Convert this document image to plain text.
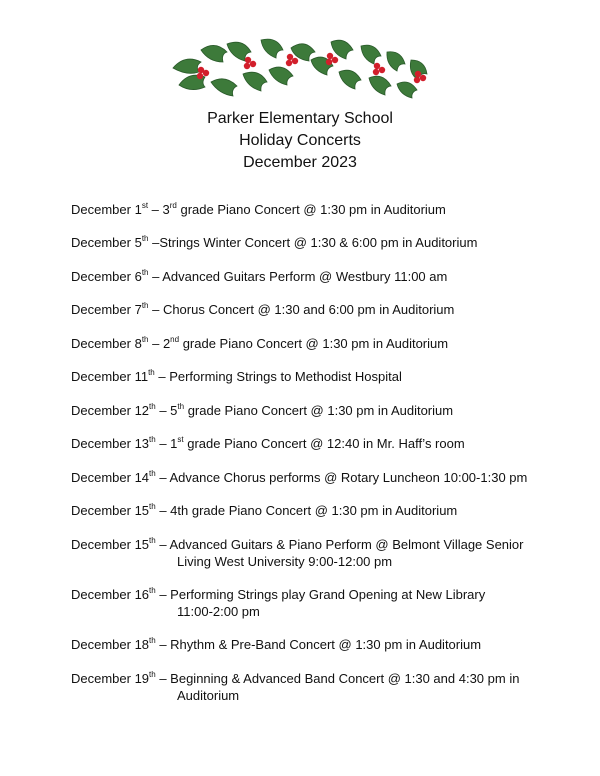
Parker Elementary School
Holiday Concerts
December 2023
December 1st – 3rd grade Piano Concert @ 1:30 pm in Auditorium
December 5th –Strings Winter Concert @ 1:30 & 6:00 pm in Auditorium
December 6th – Advanced Guitars Perform @ Westbury 11:00 am
December 7th – Chorus Concert @ 1:30 and 6:00 pm in Auditorium
December 8th – 2nd grade Piano Concert @ 1:30 pm in Auditorium
December 11th – Performing Strings to Methodist Hospital
December 12th – 5th grade Piano Concert @ 1:30 pm in Auditorium
December 13th – 1st grade Piano Concert @ 12:40 in Mr. Haff’s room
December 14th – Advance Chorus performs @ Rotary Luncheon 10:00-1:30 pm
December 15th – 4th grade Piano Concert @ 1:30 pm in Auditorium
December 15th – Advanced Guitars & Piano Perform @ Belmont Village Senior
Living West University 9:00-12:00 pm
December 16th – Performing Strings play Grand Opening at New Library
11:00-2:00 pm
December 18th – Rhythm & Pre-Band Concert @ 1:30 pm in Auditorium
December 19th – Beginning & Advanced Band Concert @ 1:30 and 4:30 pm in
Auditorium
